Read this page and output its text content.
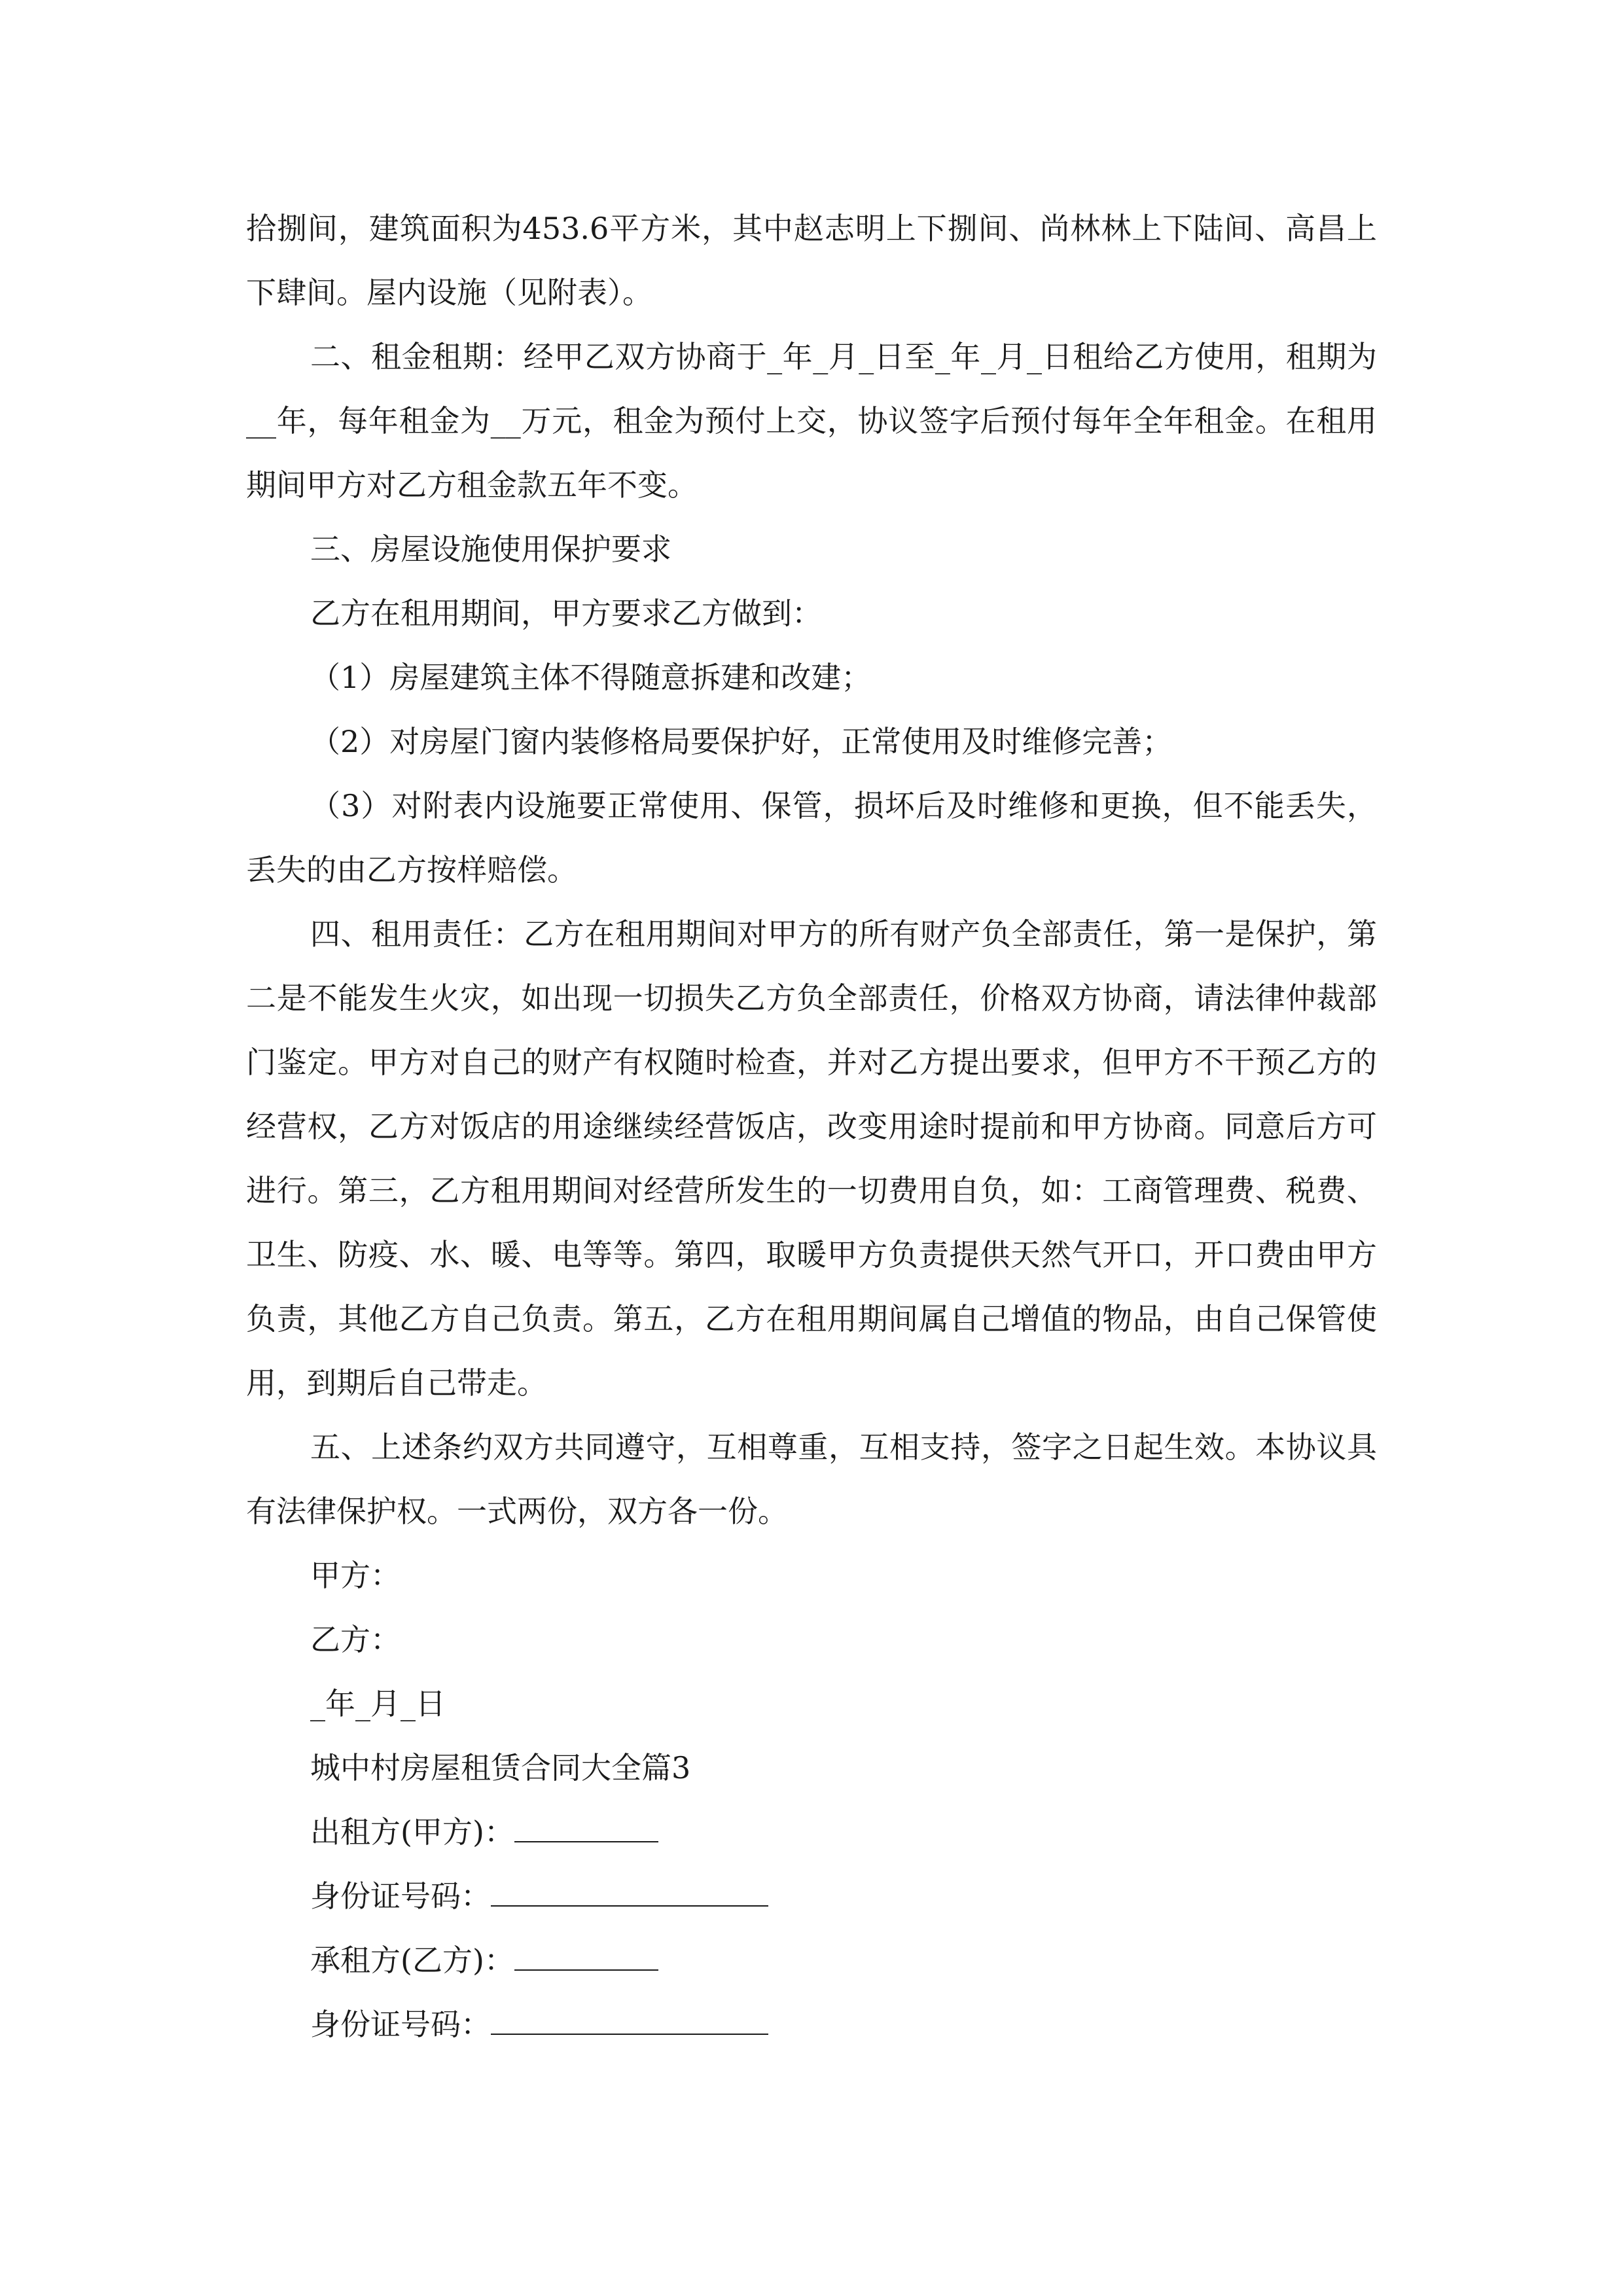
拾捌间，建筑面积为453.6平方米，其中赵志明上下捌间、尚林林上下陆间、高昌上下肆间。屋内设施（见附表）。

二、租金租期：经甲乙双方协商于_年_月_日至_年_月_日租给乙方使用，租期为__年，每年租金为__万元，租金为预付上交，协议签字后预付每年全年租金。在租用期间甲方对乙方租金款五年不变。

三、房屋设施使用保护要求

乙方在租用期间，甲方要求乙方做到：

（1）房屋建筑主体不得随意拆建和改建；

（2）对房屋门窗内装修格局要保护好，正常使用及时维修完善；

（3）对附表内设施要正常使用、保管，损坏后及时维修和更换，但不能丢失，丢失的由乙方按样赔偿。

四、租用责任：乙方在租用期间对甲方的所有财产负全部责任，第一是保护，第二是不能发生火灾，如出现一切损失乙方负全部责任，价格双方协商，请法律仲裁部门鉴定。甲方对自己的财产有权随时检查，并对乙方提出要求，但甲方不干预乙方的经营权，乙方对饭店的用途继续经营饭店，改变用途时提前和甲方协商。同意后方可进行。第三，乙方租用期间对经营所发生的一切费用自负，如：工商管理费、税费、卫生、防疫、水、暖、电等等。第四，取暖甲方负责提供天然气开口，开口费由甲方负责，其他乙方自己负责。第五，乙方在租用期间属自己增值的物品，由自己保管使用，到期后自己带走。

五、上述条约双方共同遵守，互相尊重，互相支持，签字之日起生效。本协议具有法律保护权。一式两份，双方各一份。

甲方：

乙方：

_年_月_日

城中村房屋租赁合同大全篇3

出租方(甲方)：

身份证号码：

承租方(乙方)：

身份证号码：
